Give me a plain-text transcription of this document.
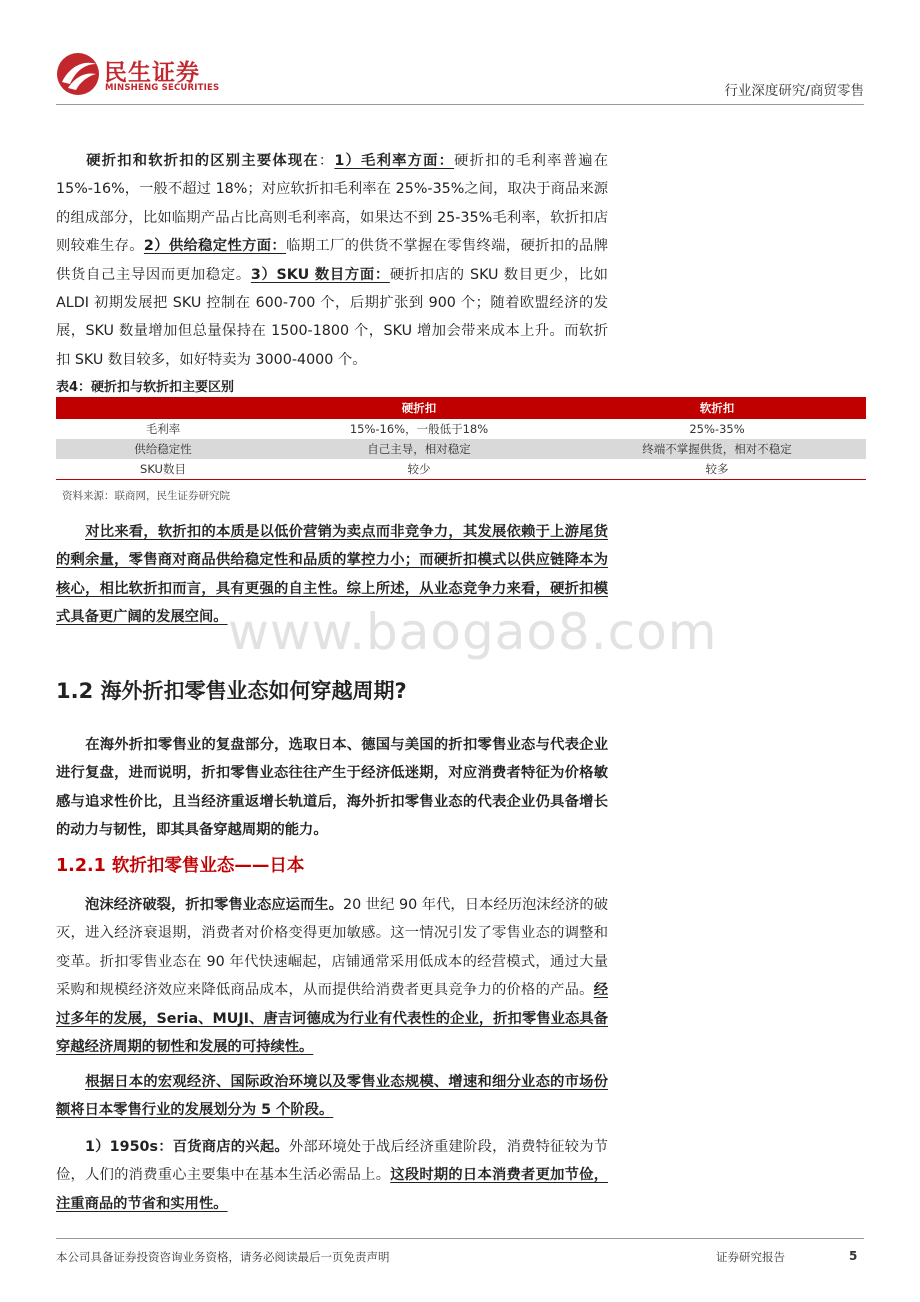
民生证券
MINSHENG SECURITIES	行业深度研究/商贸零售
硬折扣和软折扣的区别主要体现在：1）毛利率方面：硬折扣的毛利率普遍在 15%-16%，一般不超过 18%；对应软折扣毛利率在 25%-35%之间，取决于商品来源的组成部分，比如临期产品占比高则毛利率高，如果达不到 25-35%毛利率，软折扣店则较难生存。2）供给稳定性方面：临期工厂的供货不掌握在零售终端，硬折扣的品牌供货自己主导因而更加稳定。3）SKU 数目方面：硬折扣店的 SKU 数目更少，比如 ALDI 初期发展把 SKU 控制在 600-700 个，后期扩张到 900 个；随着欧盟经济的发展，SKU 数量增加但总量保持在 1500-1800 个，SKU 增加会带来成本上升。而软折扣 SKU 数目较多，如好特卖为 3000-4000 个。
表4：硬折扣与软折扣主要区别
	硬折扣	软折扣
毛利率	15%-16%，一般低于18%	25%-35%
供给稳定性	自己主导，相对稳定	终端不掌握供货，相对不稳定
SKU数目	较少	较多
资料来源：联商网，民生证券研究院
对比来看，软折扣的本质是以低价营销为卖点而非竞争力，其发展依赖于上游尾货的剩余量，零售商对商品供给稳定性和品质的掌控力小；而硬折扣模式以供应链降本为核心，相比软折扣而言，具有更强的自主性。综上所述，从业态竞争力来看，硬折扣模式具备更广阔的发展空间。 www.baogao8.com
1.2 海外折扣零售业态如何穿越周期?
在海外折扣零售业的复盘部分，选取日本、德国与美国的折扣零售业态与代表企业进行复盘，进而说明，折扣零售业态往往产生于经济低迷期，对应消费者特征为价格敏感与追求性价比，且当经济重返增长轨道后，海外折扣零售业态的代表企业仍具备增长的动力与韧性，即其具备穿越周期的能力。
1.2.1 软折扣零售业态——日本
泡沫经济破裂，折扣零售业态应运而生。20 世纪 90 年代，日本经历泡沫经济的破灭，进入经济衰退期，消费者对价格变得更加敏感。这一情况引发了零售业态的调整和变革。折扣零售业态在 90 年代快速崛起，店铺通常采用低成本的经营模式，通过大量采购和规模经济效应来降低商品成本，从而提供给消费者更具竞争力的价格的产品。经过多年的发展，Seria、MUJI、唐吉诃德成为行业有代表性的企业，折扣零售业态具备穿越经济周期的韧性和发展的可持续性。
根据日本的宏观经济、国际政治环境以及零售业态规模、增速和细分业态的市场份额将日本零售行业的发展划分为 5 个阶段。
1）1950s：百货商店的兴起。外部环境处于战后经济重建阶段，消费特征较为节俭，人们的消费重心主要集中在基本生活必需品上。这段时期的日本消费者更加节俭，注重商品的节省和实用性。
本公司具备证券投资咨询业务资格，请务必阅读最后一页免责声明	证券研究报告	5
